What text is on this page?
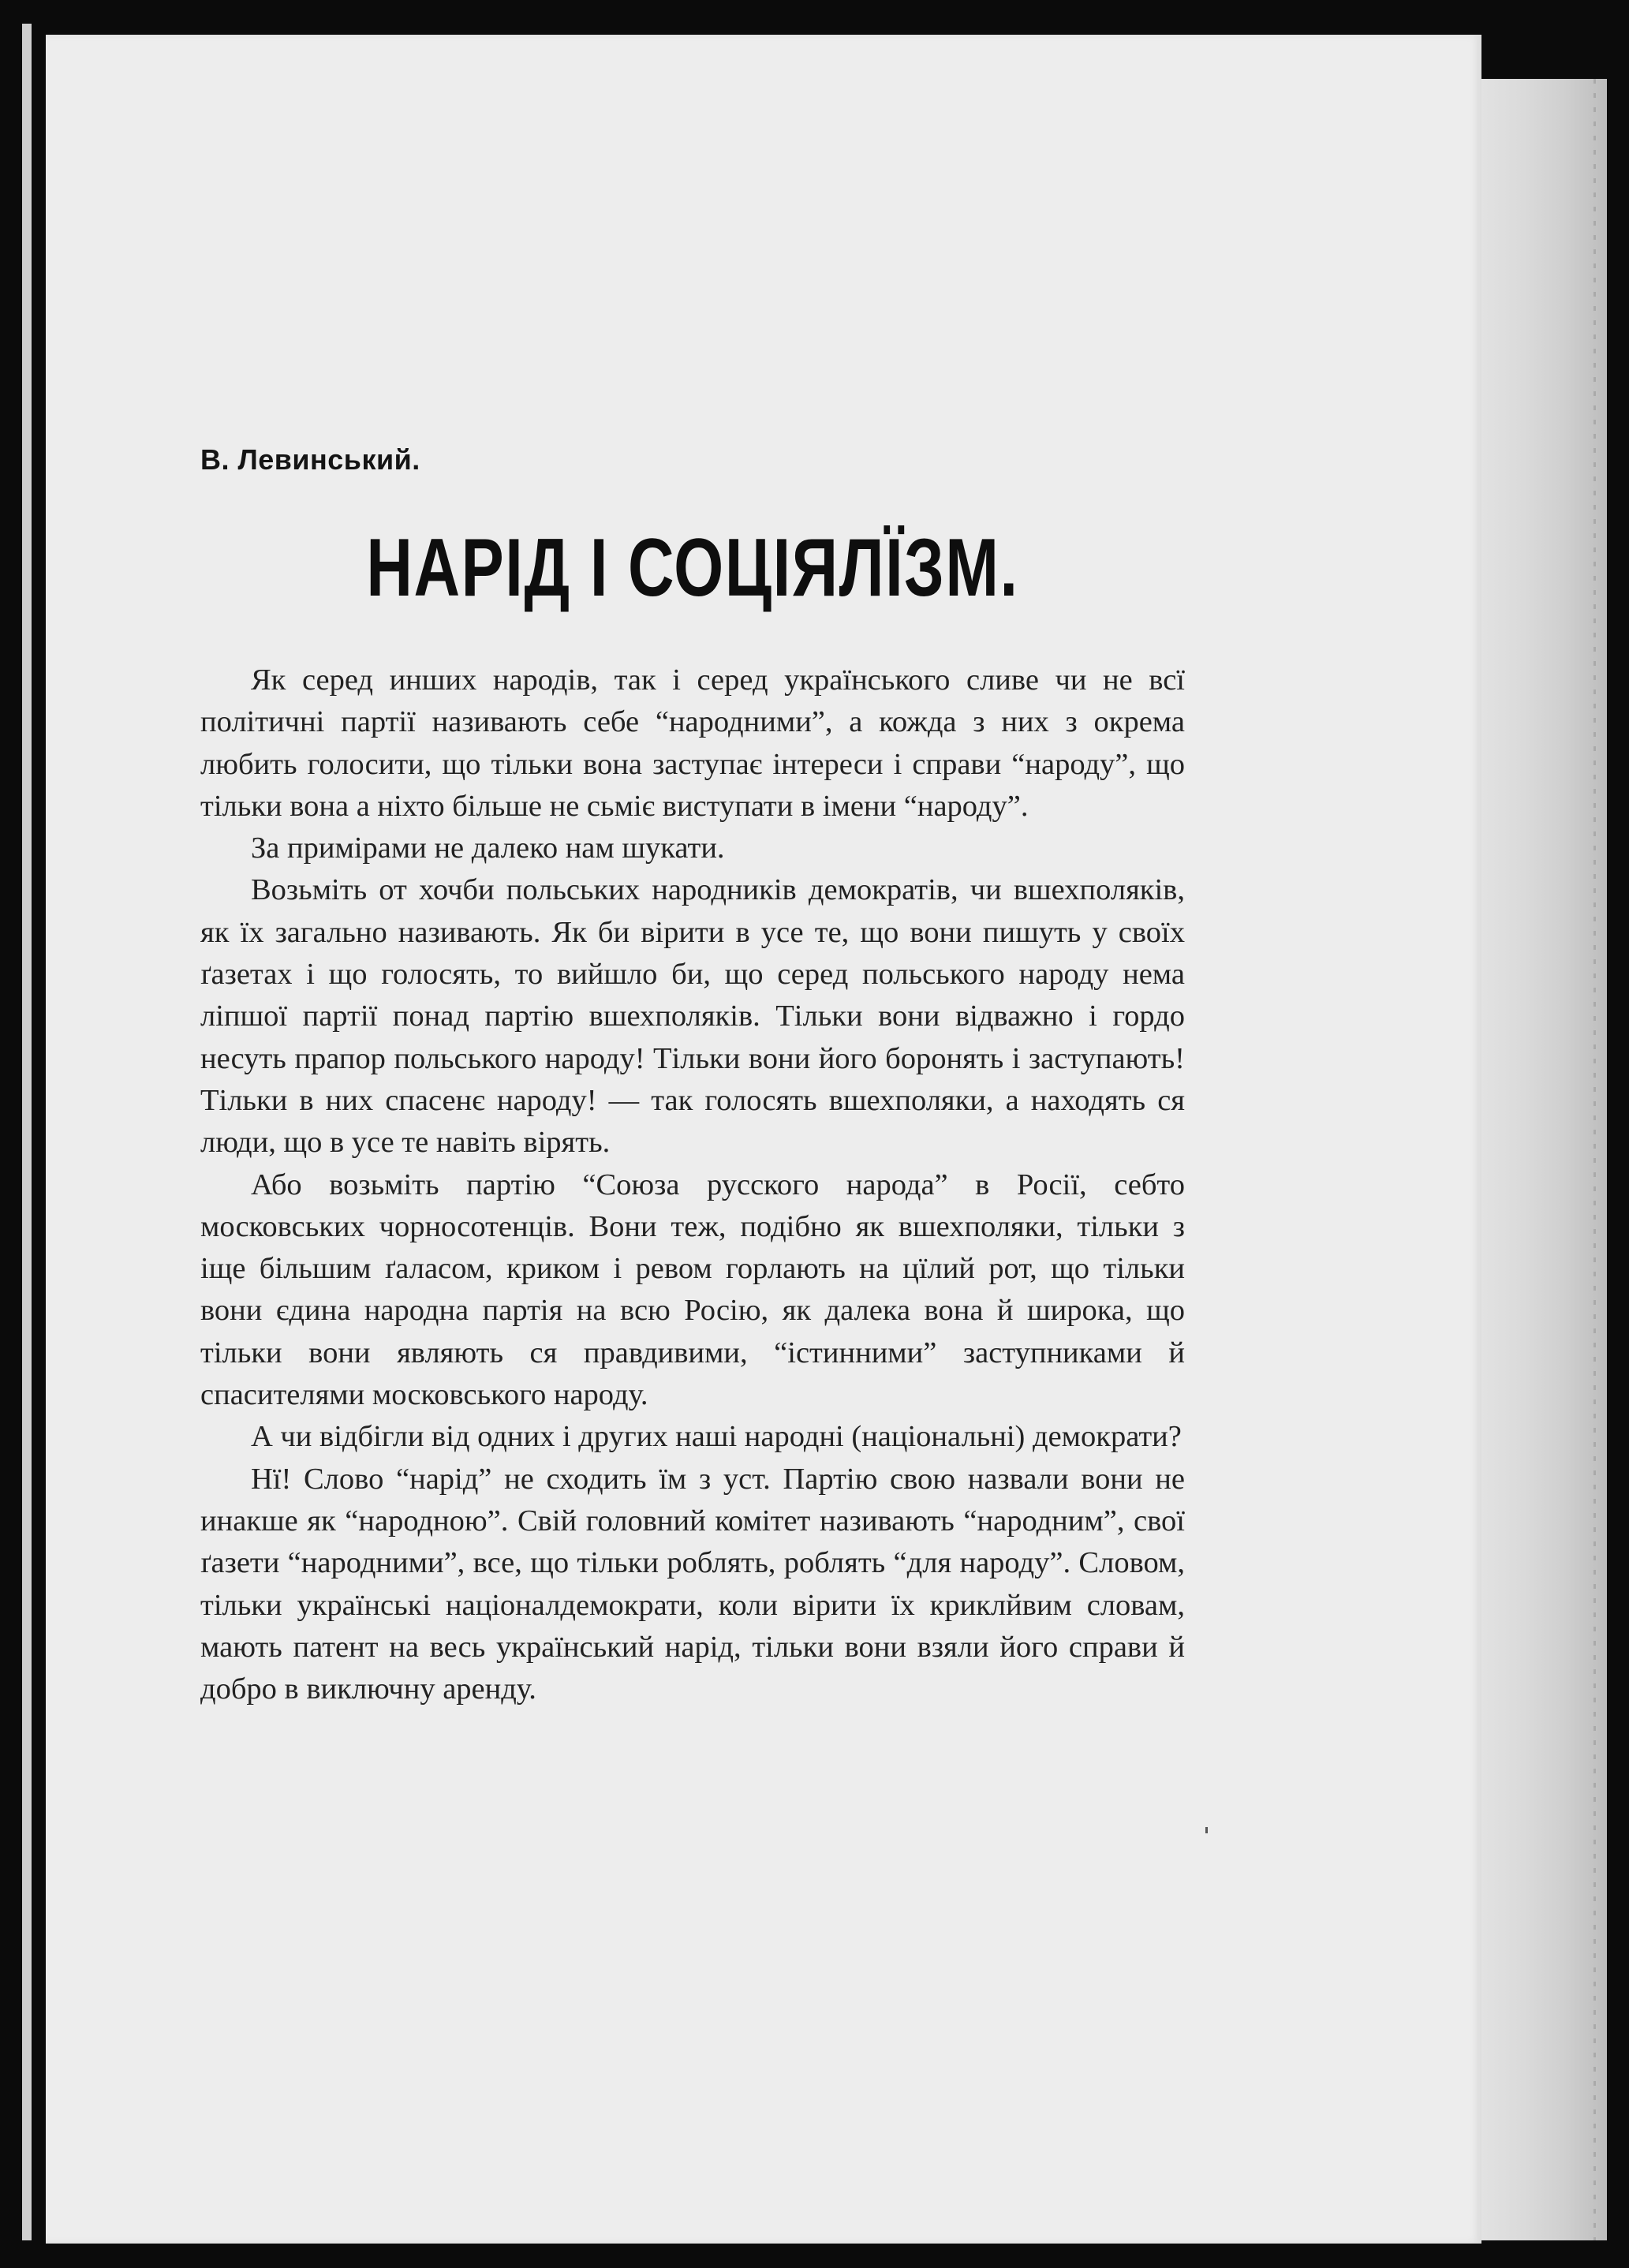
В. Левинський.
НАРІД І СОЦІЯЛЇЗМ.

Як серед инших народів, так і серед українського сливе чи не всї політичні партії називають себе “народними”, а кожда з них з окрема любить голосити, що тільки вона заступає інтереси і справи “народу”, що тільки вона а ніхто більше не сьміє виступати в імени “народу”.

За примірами не далеко нам шукати.

Возьміть от хочби польських народників демократів, чи вшехполяків, як їх загально називають. Як би вірити в усе те, що вони пишуть у своїх ґазетах і що голосять, то вийшло би, що серед польського народу нема ліпшої партії понад партію вшехполяків. Тільки вони відважно і гордо несуть прапор польського народу! Тільки вони його боронять і заступають! Тільки в них спасенє народу! — так голосять вшехполяки, а находять ся люди, що в усе те навіть вірять.

Або возьміть партію “Союза русского народа” в Росії, себто московських чорносотенців. Вони теж, подібно як вшехполяки, тільки з іще більшим ґаласом, криком і ревом горлають на цїлий рот, що тільки вони єдина народна партія на всю Росію, як далека вона й широка, що тільки вони являють ся правдивими, “істинними” заступниками й спасителями московського народу.

А чи відбігли від одних і других наші народні (національні) демократи?

Нї! Слово “нарід” не сходить їм з уст. Партію свою назвали вони не инакше як “народною”. Свій головний комітет називають “народним”, свої ґазети “народними”, все, що тільки роблять, роблять “для народу”. Словом, тільки українські націоналдемократи, коли вірити їх криклйвим словам, мають патент на весь український нарід, тільки вони взяли його справи й добро в виключну аренду.
